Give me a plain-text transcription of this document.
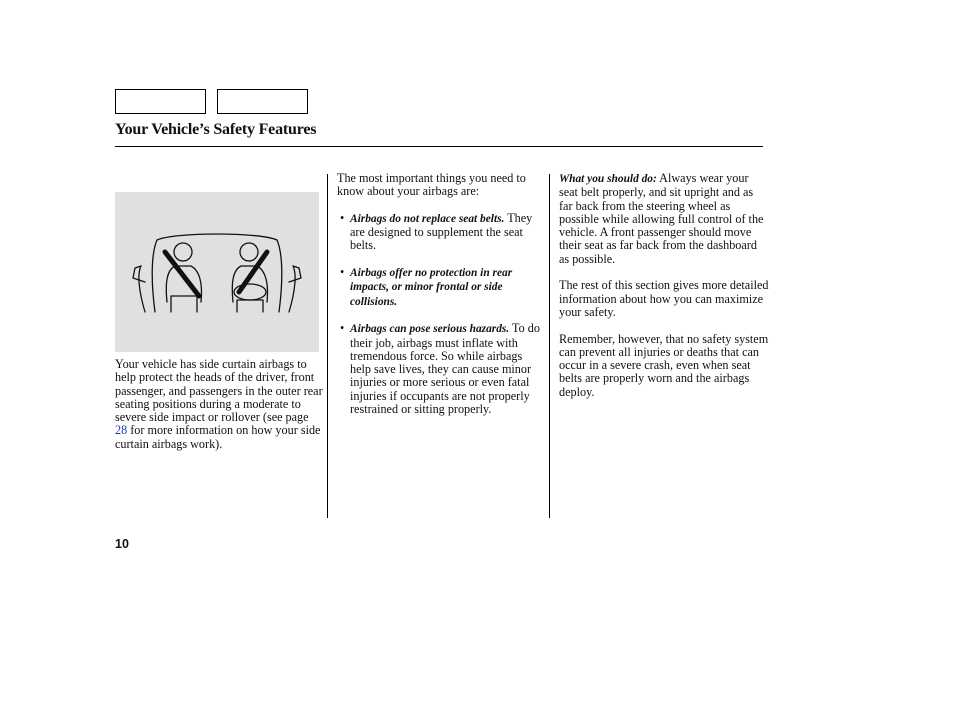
Your Vehicle’s Safety Features

Your vehicle has side curtain airbags to help protect the heads of the driver, front passenger, and passengers in the outer rear seating positions during a moderate to severe side impact or rollover (see page 28 for more information on how your side curtain airbags work).

The most important things you need to know about your airbags are:

• Airbags do not replace seat belts. They are designed to supplement the seat belts.
• Airbags offer no protection in rear impacts, or minor frontal or side collisions.
• Airbags can pose serious hazards. To do their job, airbags must inflate with tremendous force. So while airbags help save lives, they can cause minor injuries or more serious or even fatal injuries if occupants are not properly restrained or sitting properly.

What you should do: Always wear your seat belt properly, and sit upright and as far back from the steering wheel as possible while allowing full control of the vehicle. A front passenger should move their seat as far back from the dashboard as possible.

The rest of this section gives more detailed information about how you can maximize your safety.

Remember, however, that no safety system can prevent all injuries or deaths that can occur in a severe crash, even when seat belts are properly worn and the airbags deploy.

10
